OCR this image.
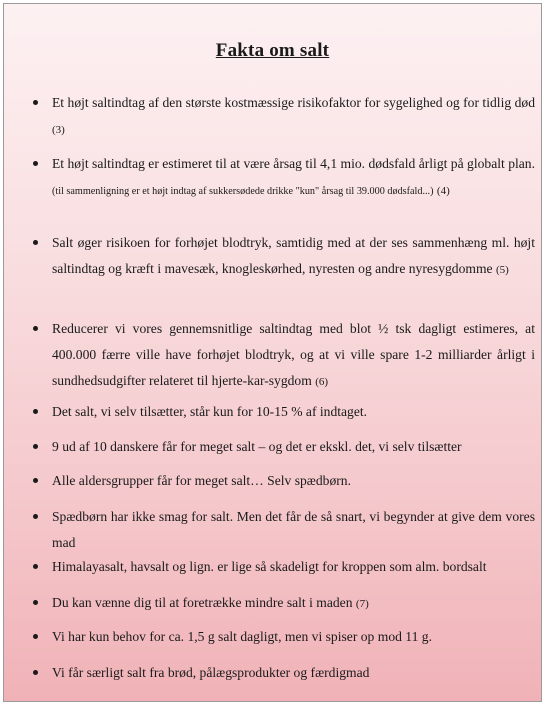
Fakta om salt
Et højt saltindtag af den største kostmæssige risikofaktor for sygelighed og for tidlig død (3)
Et højt saltindtag er estimeret til at være årsag til 4,1 mio. dødsfald årligt på globalt plan. (til sammenligning er et højt indtag af sukkersødede drikke "kun" årsag til 39.000 dødsfald...) (4)
Salt øger risikoen for forhøjet blodtryk, samtidig med at der ses sammenhæng ml. højt saltindtag og kræft i mavesæk, knogleskørhed, nyresten og andre nyresygdomme (5)
Reducerer vi vores gennemsnitlige saltindtag med blot ½ tsk dagligt estimeres, at 400.000 færre ville have forhøjet blodtryk, og at vi ville spare 1-2 milliarder årligt i sundhedsudgifter relateret til hjerte-kar-sygdom (6)
Det salt, vi selv tilsætter, står kun for 10-15 % af indtaget.
9 ud af 10 danskere får for meget salt – og det er ekskl. det, vi selv tilsætter
Alle aldersgrupper får for meget salt… Selv spædbørn.
Spædbørn har ikke smag for salt. Men det får de så snart, vi begynder at give dem vores mad
Himalayasalt, havsalt og lign. er lige så skadeligt for kroppen som alm. bordsalt
Du kan vænne dig til at foretrække mindre salt i maden (7)
Vi har kun behov for ca. 1,5 g salt dagligt, men vi spiser op mod 11 g.
Vi får særligt salt fra brød, pålægsprodukter og færdigmad
